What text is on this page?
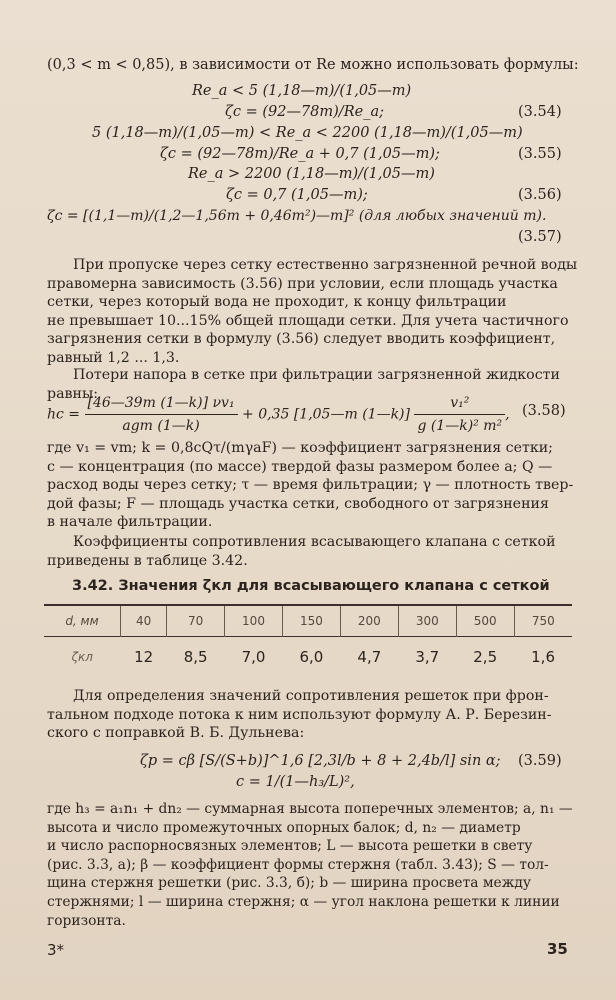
(0,3 < m < 0,85), в зависимости от Re можно использовать формулы:
Re_a < 5 (1,18—m)/(1,05—m)
ζc = (92—78m)/Re_a;	(3.54)
5 (1,18—m)/(1,05—m) < Re_a < 2200 (1,18—m)/(1,05—m)
ζc = (92—78m)/Re_a + 0,7 (1,05—m);	(3.55)
Re_a > 2200 (1,18—m)/(1,05—m)
ζc = 0,7 (1,05—m);	(3.56)
ζc = [(1,1—m)/(1,2—1,56m + 0,46m²)—m]² (для любых значений m).
(3.57)
При пропуске через сетку естественно загрязненной речной воды
правомерна зависимость (3.56) при условии, если площадь участка
сетки, через который вода не проходит, к концу фильтрации
не превышает 10...15% общей площади сетки. Для учета частичного
загрязнения сетки в формулу (3.56) следует вводить коэффициент,
равный 1,2 ... 1,3.
Потери напора в сетке при фильтрации загрязненной жидкости
равны:
hc = $\frac{\text{[46—39m (1—k)] νv₁}}{\text{agm (1—k)}} + 0,35$ [1,05—m (1—k)] $\frac{\text{v₁²}}{\text{g (1—k)² m²}}$ , (3.58)
где v₁ = vm; k = 0,8cQτ/(mγaF) — коэффициент загрязнения сетки;
c — концентрация (по массе) твердой фазы размером более a; Q —
расход воды через сетку; τ — время фильтрации; γ — плотность твер-
дой фазы; F — площадь участка сетки, свободного от загрязнения
в начале фильтрации.
Коэффициенты сопротивления всасывающего клапана с сеткой
приведены в таблице 3.42.
3.42. Значения ζкл для всасывающего клапана с сеткой
d, мм	40	70	100	150	200	300	500	750

ζкл	12	8,5	7,0	6,0	4,7	3,7	2,5	1,6
Для определения значений сопротивления решеток при фрон-
тальном подходе потока к ним используют формулу А. Р. Березин-
ского с поправкой В. Б. Дульнева:
ζp = cβ [S/(S+b)]^1,6 [2,3l/b + 8 + 2,4b/l] sin α; (3.59)
c = 1/(1—h₃/L)²,
где h₃ = a₁n₁ + dn₂ — суммарная высота поперечных элементов; a, n₁ —
высота и число промежуточных опорных балок; d, n₂ — диаметр
и число распорносвязных элементов; L — высота решетки в свету
(рис. 3.3, а); β — коэффициент формы стержня (табл. 3.43); S — тол-
щина стержня решетки (рис. 3.3, б); b — ширина просвета между
стержнями; l — ширина стержня; α — угол наклона решетки к линии
горизонта.
3*	35
